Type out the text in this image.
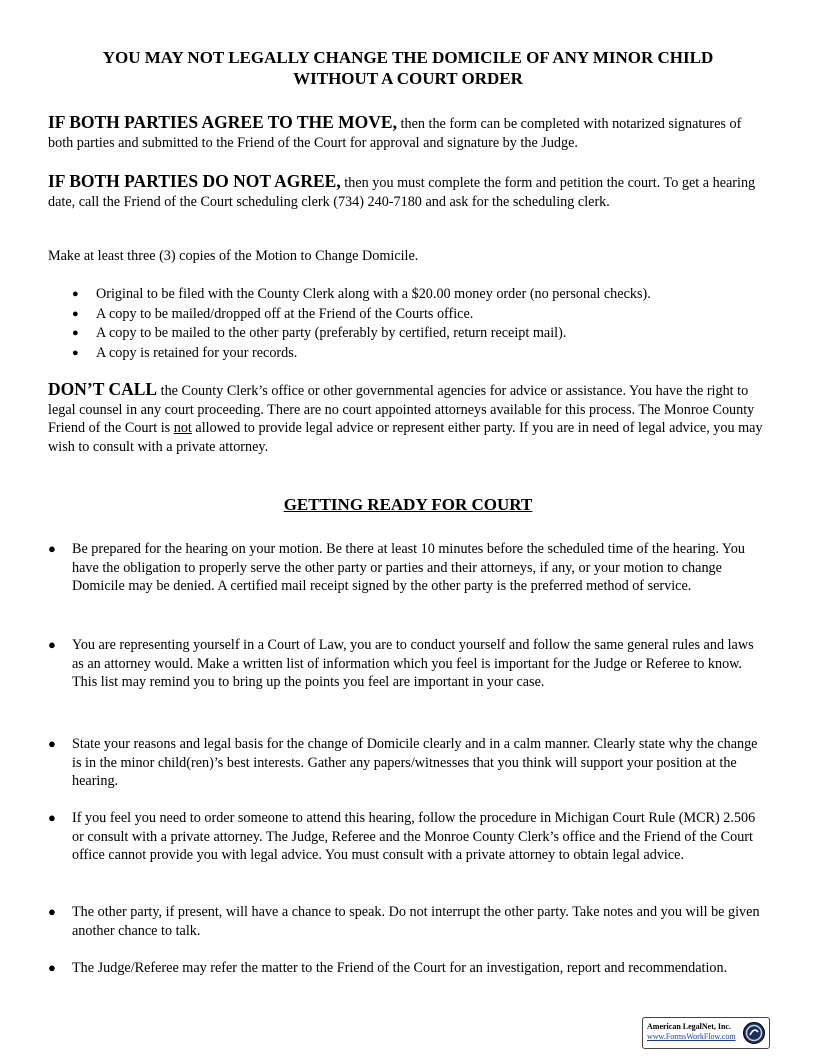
YOU MAY NOT LEGALLY CHANGE THE DOMICILE OF ANY MINOR CHILD
WITHOUT A COURT ORDER
IF BOTH PARTIES AGREE TO THE MOVE, then the form can be completed with notarized signatures of both parties and submitted to the Friend of the Court for approval and signature by the Judge.
IF BOTH PARTIES DO NOT AGREE, then you must complete the form and petition the court. To get a hearing date, call the Friend of the Court scheduling clerk (734) 240-7180 and ask for the scheduling clerk.
Make at least three (3) copies of the Motion to Change Domicile.
● Original to be filed with the County Clerk along with a $20.00 money order (no personal checks).
● A copy to be mailed/dropped off at the Friend of the Courts office.
● A copy to be mailed to the other party (preferably by certified, return receipt mail).
● A copy is retained for your records.
DON’T CALL the County Clerk’s office or other governmental agencies for advice or assistance. You have the right to legal counsel in any court proceeding. There are no court appointed attorneys available for this process. The Monroe County Friend of the Court is not allowed to provide legal advice or represent either party. If you are in need of legal advice, you may wish to consult with a private attorney.
GETTING READY FOR COURT
● Be prepared for the hearing on your motion. Be there at least 10 minutes before the scheduled time of the hearing. You have the obligation to properly serve the other party or parties and their attorneys, if any, or your motion to change Domicile may be denied. A certified mail receipt signed by the other party is the preferred method of service.
● You are representing yourself in a Court of Law, you are to conduct yourself and follow the same general rules and laws as an attorney would. Make a written list of information which you feel is important for the Judge or Referee to know. This list may remind you to bring up the points you feel are important in your case.
● State your reasons and legal basis for the change of Domicile clearly and in a calm manner. Clearly state why the change is in the minor child(ren)’s best interests. Gather any papers/witnesses that you think will support your position at the hearing.
● If you feel you need to order someone to attend this hearing, follow the procedure in Michigan Court Rule (MCR) 2.506 or consult with a private attorney. The Judge, Referee and the Monroe County Clerk’s office and the Friend of the Court office cannot provide you with legal advice. You must consult with a private attorney to obtain legal advice.
● The other party, if present, will have a chance to speak. Do not interrupt the other party. Take notes and you will be given another chance to talk.
● The Judge/Referee may refer the matter to the Friend of the Court for an investigation, report and recommendation.
American LegalNet, Inc.
www.FormsWorkFlow.com
